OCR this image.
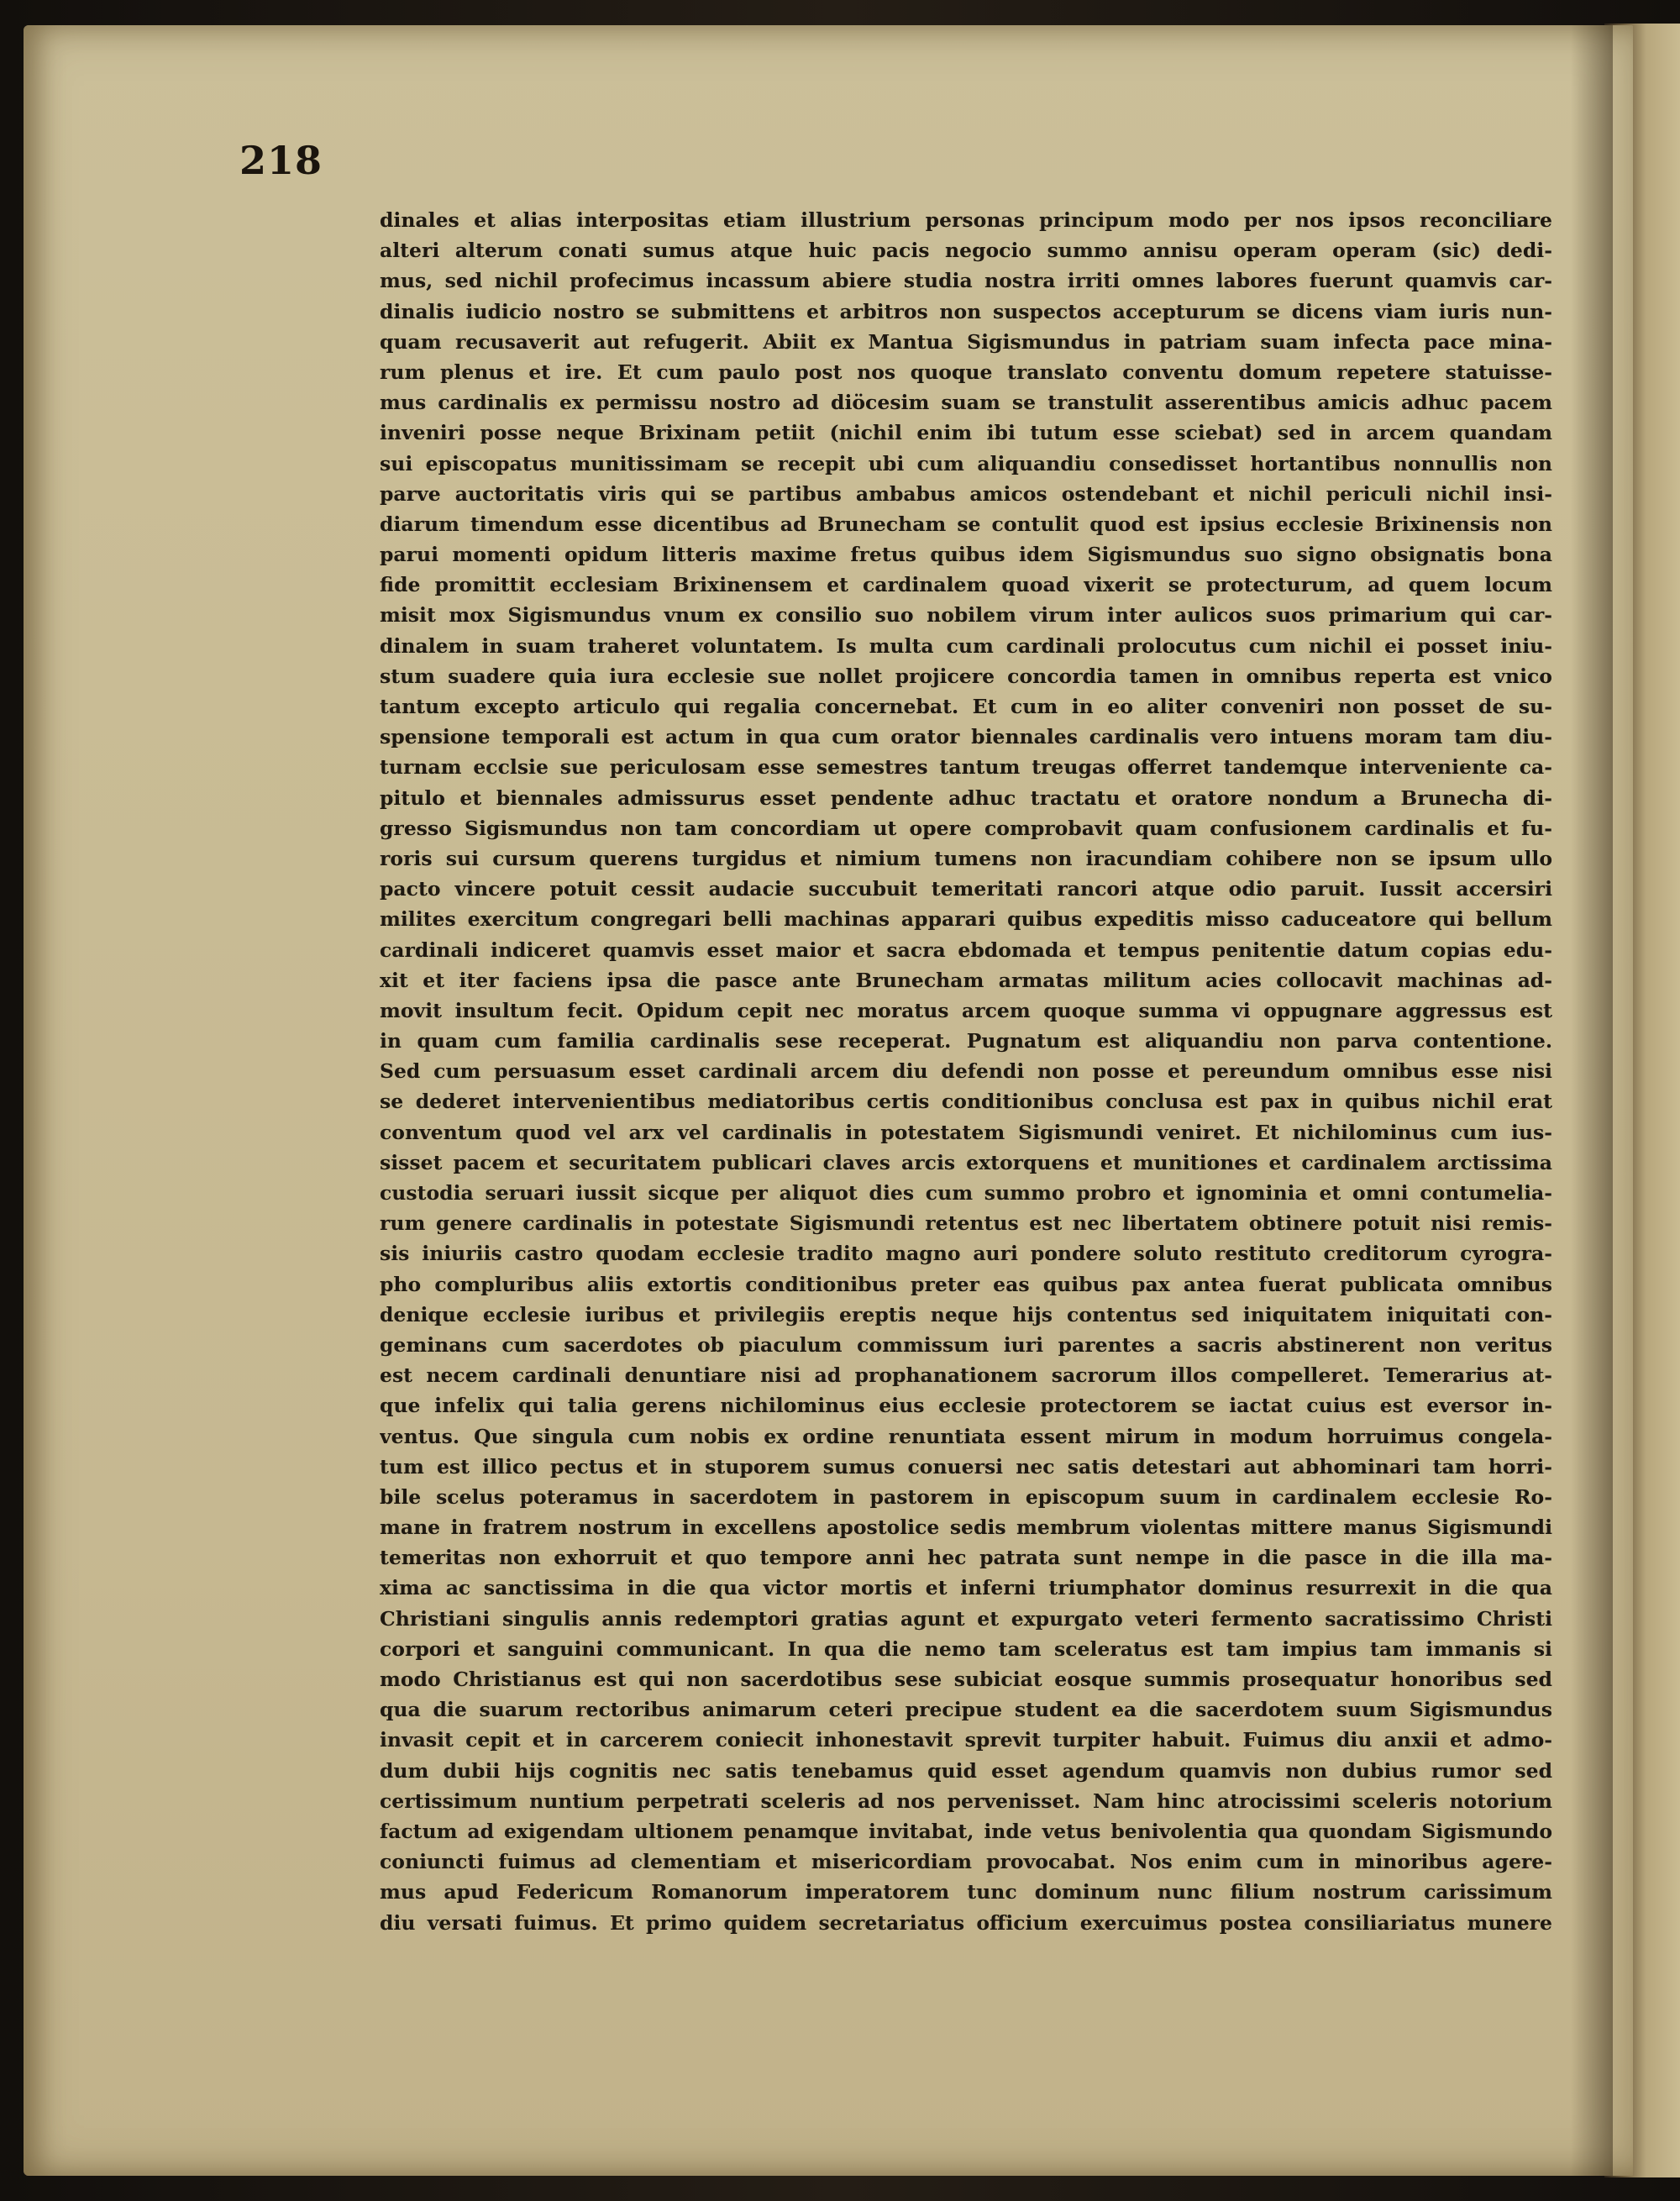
218
dinales et alias interpositas etiam illustrium personas principum modo per nos ipsos reconciliare
alteri alterum conati sumus atque huic pacis negocio summo annisu operam operam (sic) dedi-
mus, sed nichil profecimus incassum abiere studia nostra irriti omnes labores fuerunt quamvis car-
dinalis iudicio nostro se submittens et arbitros non suspectos accepturum se dicens viam iuris nun-
quam recusaverit aut refugerit. Abiit ex Mantua Sigismundus in patriam suam infecta pace mina-
rum plenus et ire. Et cum paulo post nos quoque translato conventu domum repetere statuisse-
mus cardinalis ex permissu nostro ad diöcesim suam se transtulit asserentibus amicis adhuc pacem
inveniri posse neque Brixinam petiit (nichil enim ibi tutum esse sciebat) sed in arcem quandam
sui episcopatus munitissimam se recepit ubi cum aliquandiu consedisset hortantibus nonnullis non
parve auctoritatis viris qui se partibus ambabus amicos ostendebant et nichil periculi nichil insi-
diarum timendum esse dicentibus ad Brunecham se contulit quod est ipsius ecclesie Brixinensis non
parui momenti opidum litteris maxime fretus quibus idem Sigismundus suo signo obsignatis bona
fide promittit ecclesiam Brixinensem et cardinalem quoad vixerit se protecturum, ad quem locum
misit mox Sigismundus vnum ex consilio suo nobilem virum inter aulicos suos primarium qui car-
dinalem in suam traheret voluntatem. Is multa cum cardinali prolocutus cum nichil ei posset iniu-
stum suadere quia iura ecclesie sue nollet projicere concordia tamen in omnibus reperta est vnico
tantum excepto articulo qui regalia concernebat. Et cum in eo aliter conveniri non posset de su-
spensione temporali est actum in qua cum orator biennales cardinalis vero intuens moram tam diu-
turnam ecclsie sue periculosam esse semestres tantum treugas offerret tandemque interveniente ca-
pitulo et biennales admissurus esset pendente adhuc tractatu et oratore nondum a Brunecha di-
gresso Sigismundus non tam concordiam ut opere comprobavit quam confusionem cardinalis et fu-
roris sui cursum querens turgidus et nimium tumens non iracundiam cohibere non se ipsum ullo
pacto vincere potuit cessit audacie succubuit temeritati rancori atque odio paruit. Iussit accersiri
milites exercitum congregari belli machinas apparari quibus expeditis misso caduceatore qui bellum
cardinali indiceret quamvis esset maior et sacra ebdomada et tempus penitentie datum copias edu-
xit et iter faciens ipsa die pasce ante Brunecham armatas militum acies collocavit machinas ad-
movit insultum fecit. Opidum cepit nec moratus arcem quoque summa vi oppugnare aggressus est
in quam cum familia cardinalis sese receperat. Pugnatum est aliquandiu non parva contentione.
Sed cum persuasum esset cardinali arcem diu defendi non posse et pereundum omnibus esse nisi
se dederet intervenientibus mediatoribus certis conditionibus conclusa est pax in quibus nichil erat
conventum quod vel arx vel cardinalis in potestatem Sigismundi veniret. Et nichilominus cum ius-
sisset pacem et securitatem publicari claves arcis extorquens et munitiones et cardinalem arctissima
custodia seruari iussit sicque per aliquot dies cum summo probro et ignominia et omni contumelia-
rum genere cardinalis in potestate Sigismundi retentus est nec libertatem obtinere potuit nisi remis-
sis iniuriis castro quodam ecclesie tradito magno auri pondere soluto restituto creditorum cyrogra-
pho compluribus aliis extortis conditionibus preter eas quibus pax antea fuerat publicata omnibus
denique ecclesie iuribus et privilegiis ereptis neque hijs contentus sed iniquitatem iniquitati con-
geminans cum sacerdotes ob piaculum commissum iuri parentes a sacris abstinerent non veritus
est necem cardinali denuntiare nisi ad prophanationem sacrorum illos compelleret. Temerarius at-
que infelix qui talia gerens nichilominus eius ecclesie protectorem se iactat cuius est eversor in-
ventus. Que singula cum nobis ex ordine renuntiata essent mirum in modum horruimus congela-
tum est illico pectus et in stuporem sumus conuersi nec satis detestari aut abhominari tam horri-
bile scelus poteramus in sacerdotem in pastorem in episcopum suum in cardinalem ecclesie Ro-
mane in fratrem nostrum in excellens apostolice sedis membrum violentas mittere manus Sigismundi
temeritas non exhorruit et quo tempore anni hec patrata sunt nempe in die pasce in die illa ma-
xima ac sanctissima in die qua victor mortis et inferni triumphator dominus resurrexit in die qua
Christiani singulis annis redemptori gratias agunt et expurgato veteri fermento sacratissimo Christi
corpori et sanguini communicant. In qua die nemo tam sceleratus est tam impius tam immanis si
modo Christianus est qui non sacerdotibus sese subiciat eosque summis prosequatur honoribus sed
qua die suarum rectoribus animarum ceteri precipue student ea die sacerdotem suum Sigismundus
invasit cepit et in carcerem coniecit inhonestavit sprevit turpiter habuit. Fuimus diu anxii et admo-
dum dubii hijs cognitis nec satis tenebamus quid esset agendum quamvis non dubius rumor sed
certissimum nuntium perpetrati sceleris ad nos pervenisset. Nam hinc atrocissimi sceleris notorium
factum ad exigendam ultionem penamque invitabat, inde vetus benivolentia qua quondam Sigismundo
coniuncti fuimus ad clementiam et misericordiam provocabat. Nos enim cum in minoribus agere-
mus apud Federicum Romanorum imperatorem tunc dominum nunc filium nostrum carissimum
diu versati fuimus. Et primo quidem secretariatus officium exercuimus postea consiliariatus munere
